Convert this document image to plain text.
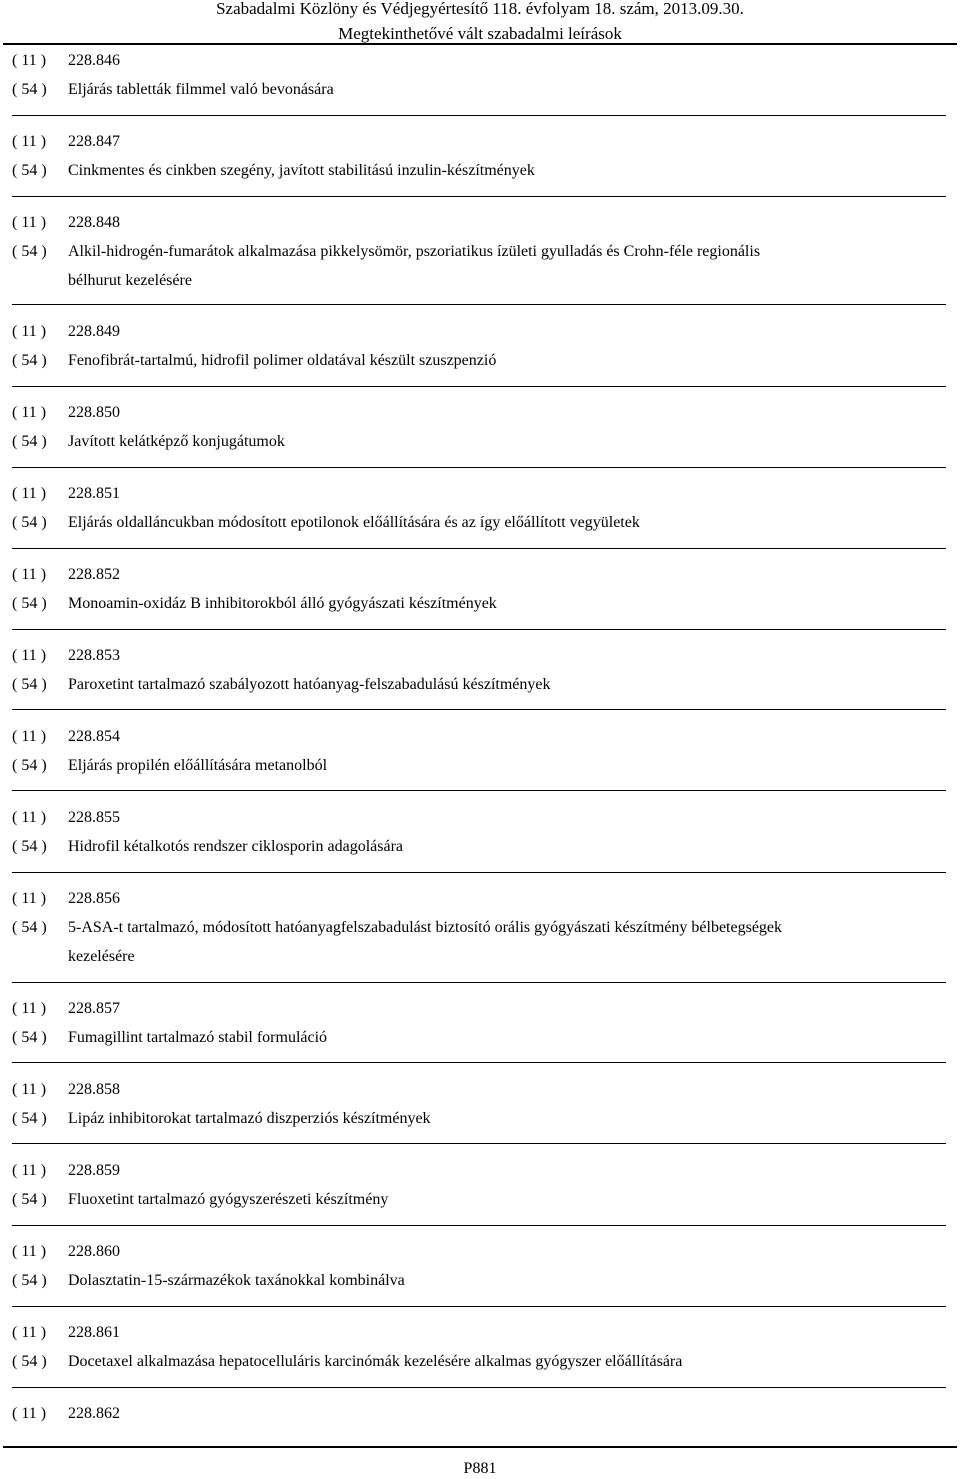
Szabadalmi Közlöny és Védjegyértesítő 118. évfolyam 18. szám, 2013.09.30.
Megtekinthetővé vált szabadalmi leírások
( 11 ) 228.846
( 54 ) Eljárás tabletták filmmel való bevonására
( 11 ) 228.847
( 54 ) Cinkmentes és cinkben szegény, javított stabilitású inzulin-készítmények
( 11 ) 228.848
( 54 ) Alkil-hidrogén-fumarátok alkalmazása pikkelysömör, pszoriatikus ízületi gyulladás és Crohn-féle regionális
bélhurut kezelésére
( 11 ) 228.849
( 54 ) Fenofibrát-tartalmú, hidrofil polimer oldatával készült szuszpenzió
( 11 ) 228.850
( 54 ) Javított kelátképző konjugátumok
( 11 ) 228.851
( 54 ) Eljárás oldalláncukban módosított epotilonok előállítására és az így előállított vegyületek
( 11 ) 228.852
( 54 ) Monoamin-oxidáz B inhibitorokból álló gyógyászati készítmények
( 11 ) 228.853
( 54 ) Paroxetint tartalmazó szabályozott hatóanyag-felszabadulású készítmények
( 11 ) 228.854
( 54 ) Eljárás propilén előállítására metanolból
( 11 ) 228.855
( 54 ) Hidrofil kétalkotós rendszer ciklosporin adagolására
( 11 ) 228.856
( 54 ) 5-ASA-t tartalmazó, módosított hatóanyagfelszabadulást biztosító orális gyógyászati készítmény bélbetegségek
kezelésére
( 11 ) 228.857
( 54 ) Fumagillint tartalmazó stabil formuláció
( 11 ) 228.858
( 54 ) Lipáz inhibitorokat tartalmazó diszperziós készítmények
( 11 ) 228.859
( 54 ) Fluoxetint tartalmazó gyógyszerészeti készítmény
( 11 ) 228.860
( 54 ) Dolasztatin-15-származékok taxánokkal kombinálva
( 11 ) 228.861
( 54 ) Docetaxel alkalmazása hepatocelluláris karcinómák kezelésére alkalmas gyógyszer előállítására
( 11 ) 228.862
P881
